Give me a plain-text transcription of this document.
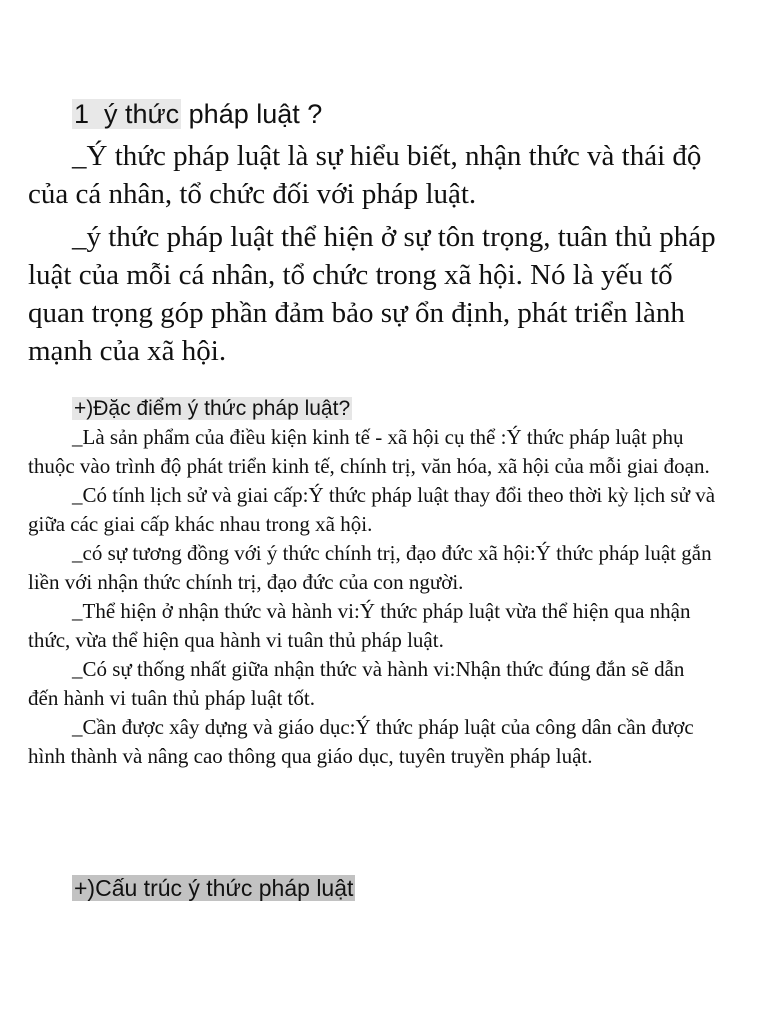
1 ý thức pháp luật ?

_Ý thức pháp luật là sự hiểu biết, nhận thức và thái độ của cá nhân, tổ chức đối với pháp luật.

_ý thức pháp luật thể hiện ở sự tôn trọng, tuân thủ pháp luật của mỗi cá nhân, tổ chức trong xã hội. Nó là yếu tố quan trọng góp phần đảm bảo sự ổn định, phát triển lành mạnh của xã hội.

+)Đặc điểm ý thức pháp luật?

_Là sản phẩm của điều kiện kinh tế - xã hội cụ thể :Ý thức pháp luật phụ thuộc vào trình độ phát triển kinh tế, chính trị, văn hóa, xã hội của mỗi giai đoạn.

_Có tính lịch sử và giai cấp:Ý thức pháp luật thay đổi theo thời kỳ lịch sử và giữa các giai cấp khác nhau trong xã hội.

_có sự tương đồng với ý thức chính trị, đạo đức xã hội:Ý thức pháp luật gắn liền với nhận thức chính trị, đạo đức của con người.

_Thể hiện ở nhận thức và hành vi:Ý thức pháp luật vừa thể hiện qua nhận thức, vừa thể hiện qua hành vi tuân thủ pháp luật.

_Có sự thống nhất giữa nhận thức và hành vi:Nhận thức đúng đắn sẽ dẫn đến hành vi tuân thủ pháp luật tốt.

_Cần được xây dựng và giáo dục:Ý thức pháp luật của công dân cần được hình thành và nâng cao thông qua giáo dục, tuyên truyền pháp luật.

+)Cấu trúc ý thức pháp luật
